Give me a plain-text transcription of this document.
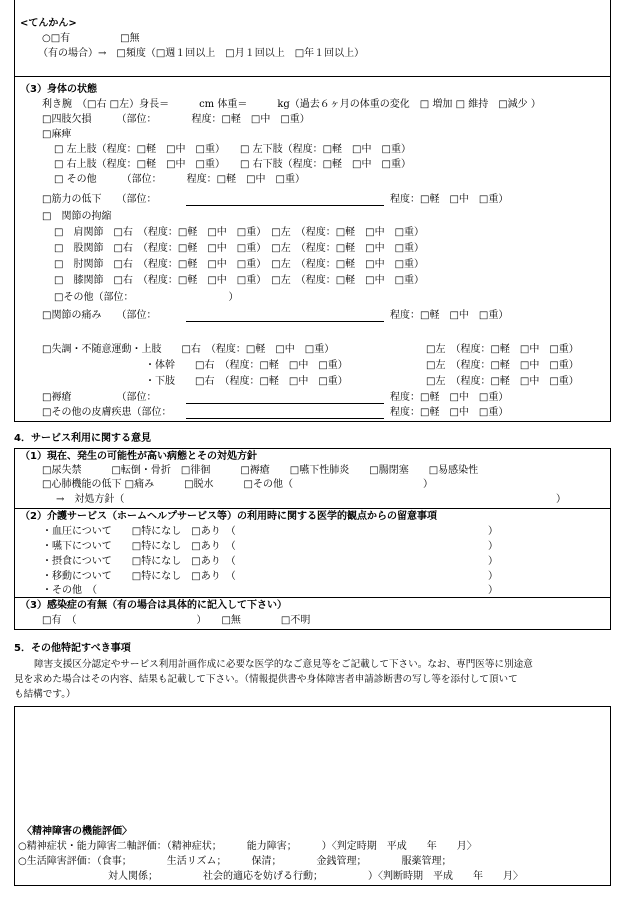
<てんかん>
○□有　　　　　□無
（有の場合）→　□頻度（□週１回以上　□月１回以上　□年１回以上）
（3）身体の状態
利き腕　（□右 □左）身長＝　　　cm 体重＝　　　kg（過去６ヶ月の体重の変化　□ 増加 □ 維持　□減少 ）
□四肢欠損　　　（部位：　　　　程度：□軽　□中　□重）
□麻痺
□ 左上肢（程度：□軽　□中　□重）　　□ 左下肢（程度：□軽　□中　□重）
□ 右上肢（程度：□軽　□中　□重）　　□ 右下肢（程度：□軽　□中　□重）
□ その他　　　（部位：　　　程度：□軽　□中　□重）
□筋力の低下　　（部位：	程度：□軽　□中　□重）
□　関節の拘縮
□　肩関節　□右　（程度：□軽　□中　□重）　□左　（程度：□軽　□中　□重）
□　股関節　□右　（程度：□軽　□中　□重）　□左　（程度：□軽　□中　□重）
□　肘関節　□右　（程度：□軽　□中　□重）　□左　（程度：□軽　□中　□重）
□　膝関節　□右　（程度：□軽　□中　□重）　□左　（程度：□軽　□中　□重）
□その他（部位：　　　　　　　　　　）
□関節の痛み　　（部位：	程度：□軽　□中　□重）
□失調・不随意運動・上肢　　□右　（程度：□軽　□中　□重）	□左　（程度：□軽　□中　□重）
・体幹　　□右　（程度：□軽　□中　□重）	□左　（程度：□軽　□中　□重）
・下肢　　□右　（程度：□軽　□中　□重）	□左　（程度：□軽　□中　□重）
□褥瘡　　　　　（部位：	程度：□軽　□中　□重）
□その他の皮膚疾患（部位：	程度：□軽　□中　□重）
4．サービス利用に関する意見
（1）現在、発生の可能性が高い病態とその対処方針
□尿失禁　　　□転倒・骨折　□徘徊　　　□褥瘡　　□嚥下性肺炎　　□腸閉塞　　□易感染性
□心肺機能の低下 □痛み　　　□脱水　　　□その他（　　　　　　　　　　　　　）
→　対処方針（	）
（2）介護サービス（ホームヘルプサービス等）の利用時に関する医学的観点からの留意事項
・血圧について　　□特になし　□あり　（	）
・嚥下について　　□特になし　□あり　（	）
・摂食について　　□特になし　□あり　（	）
・移動について　　□特になし　□あり　（	）
・その他　（	）
（3）感染症の有無（有の場合は具体的に記入して下さい）
□有　（　　　　　　　　　　　　）　　□無　　　　□不明
5．その他特記すべき事項
障害支援区分認定やサービス利用計画作成に必要な医学的なご意見等をご記載して下さい。なお、専門医等に別途意
見を求めた場合はその内容、結果も記載して下さい。（情報提供書や身体障害者申請診断書の写し等を添付して頂いて
も結構です。）
〈精神障害の機能評価〉
○精神症状・能力障害二軸評価：（精神症状；　　　能力障害；　　　）〈判定時期　平成　　年　　月〉
○生活障害評価：（食事；　　　　生活リズム；　　　保清；　　　　金銭管理；　　　　服薬管理；
対人関係；　　　　　社会的適応を妨げる行動；　　　　　）〈判断時期　平成　　年　　月〉
